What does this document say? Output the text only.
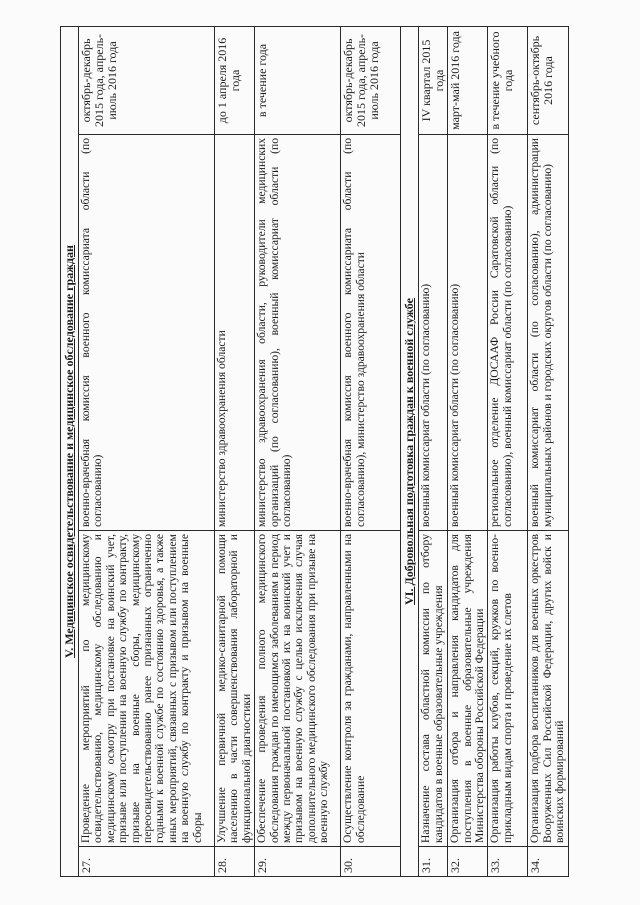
V. Медицинское освидетельствование и медицинское обследование граждан			
27.	Проведение мероприятий по медицинскому освидетельствованию, медицинскому обследованию и медицинскому осмотру при постановке на воинский учет, призыве или поступлении на военную службу по контракту, призыве на военные сборы, медицинскому переосвидетельствованию ранее признанных ограниченно годными к военной службе по состоянию здоровья, а также иных мероприятий, связанных с призывом или поступлением на военную службу по контракту и призывом на военные сборы	военно-врачебная комиссия военного комиссариата области (по согласованию)	октябрь-декабрь 2015 года, апрель-июль 2016 года
28.	Улучшение первичной медико-санитарной помощи населению в части совершенствования лабораторной и функциональной диагностики	министерство здравоохранения области	до 1 апреля 2016 года
29.	Обеспечение проведения полного медицинского обследования граждан по имеющимся заболеваниям в период между первоначальной постановкой их на воинский учет и призывом на военную службу с целью исключения случая дополнительного медицинского обследования при призыве на военную службу	министерство здравоохранения области, руководители медицинских организаций (по согласованию), военный комиссариат области (по согласованию)	в течение года
30.	Осуществление контроля за гражданами, направленными на обследование	военно-врачебная комиссия военного комиссариата области (по согласованию), министерство здравоохранения области	октябрь-декабрь 2015 года, апрель-июль 2016 года
VI. Добровольная подготовка граждан к военной службе			
31.	Назначение состава областной комиссии по отбору кандидатов в военные образовательные учреждения	военный комиссариат области (по согласованию)	IV квартал 2015 года
32.	Организация отбора и направления кандидатов для поступления в военные образовательные учреждения Министерства обороны Российской Федерации	военный комиссариат области (по согласованию)	март-май 2016 года
33.	Организация работы клубов, секций, кружков по военно-прикладным видам спорта и проведение их слетов	региональное отделение ДОСААФ России Саратовской области (по согласованию), военный комиссариат области (по согласованию)	в течение учебного года
34.	Организация подбора воспитанников для военных оркестров Вооруженных Сил Российской Федерации, других войск и воинских формирований	военный комиссариат области (по согласованию), администрации муниципальных районов и городских округов области (по согласованию)	сентябрь-октябрь 2016 года
